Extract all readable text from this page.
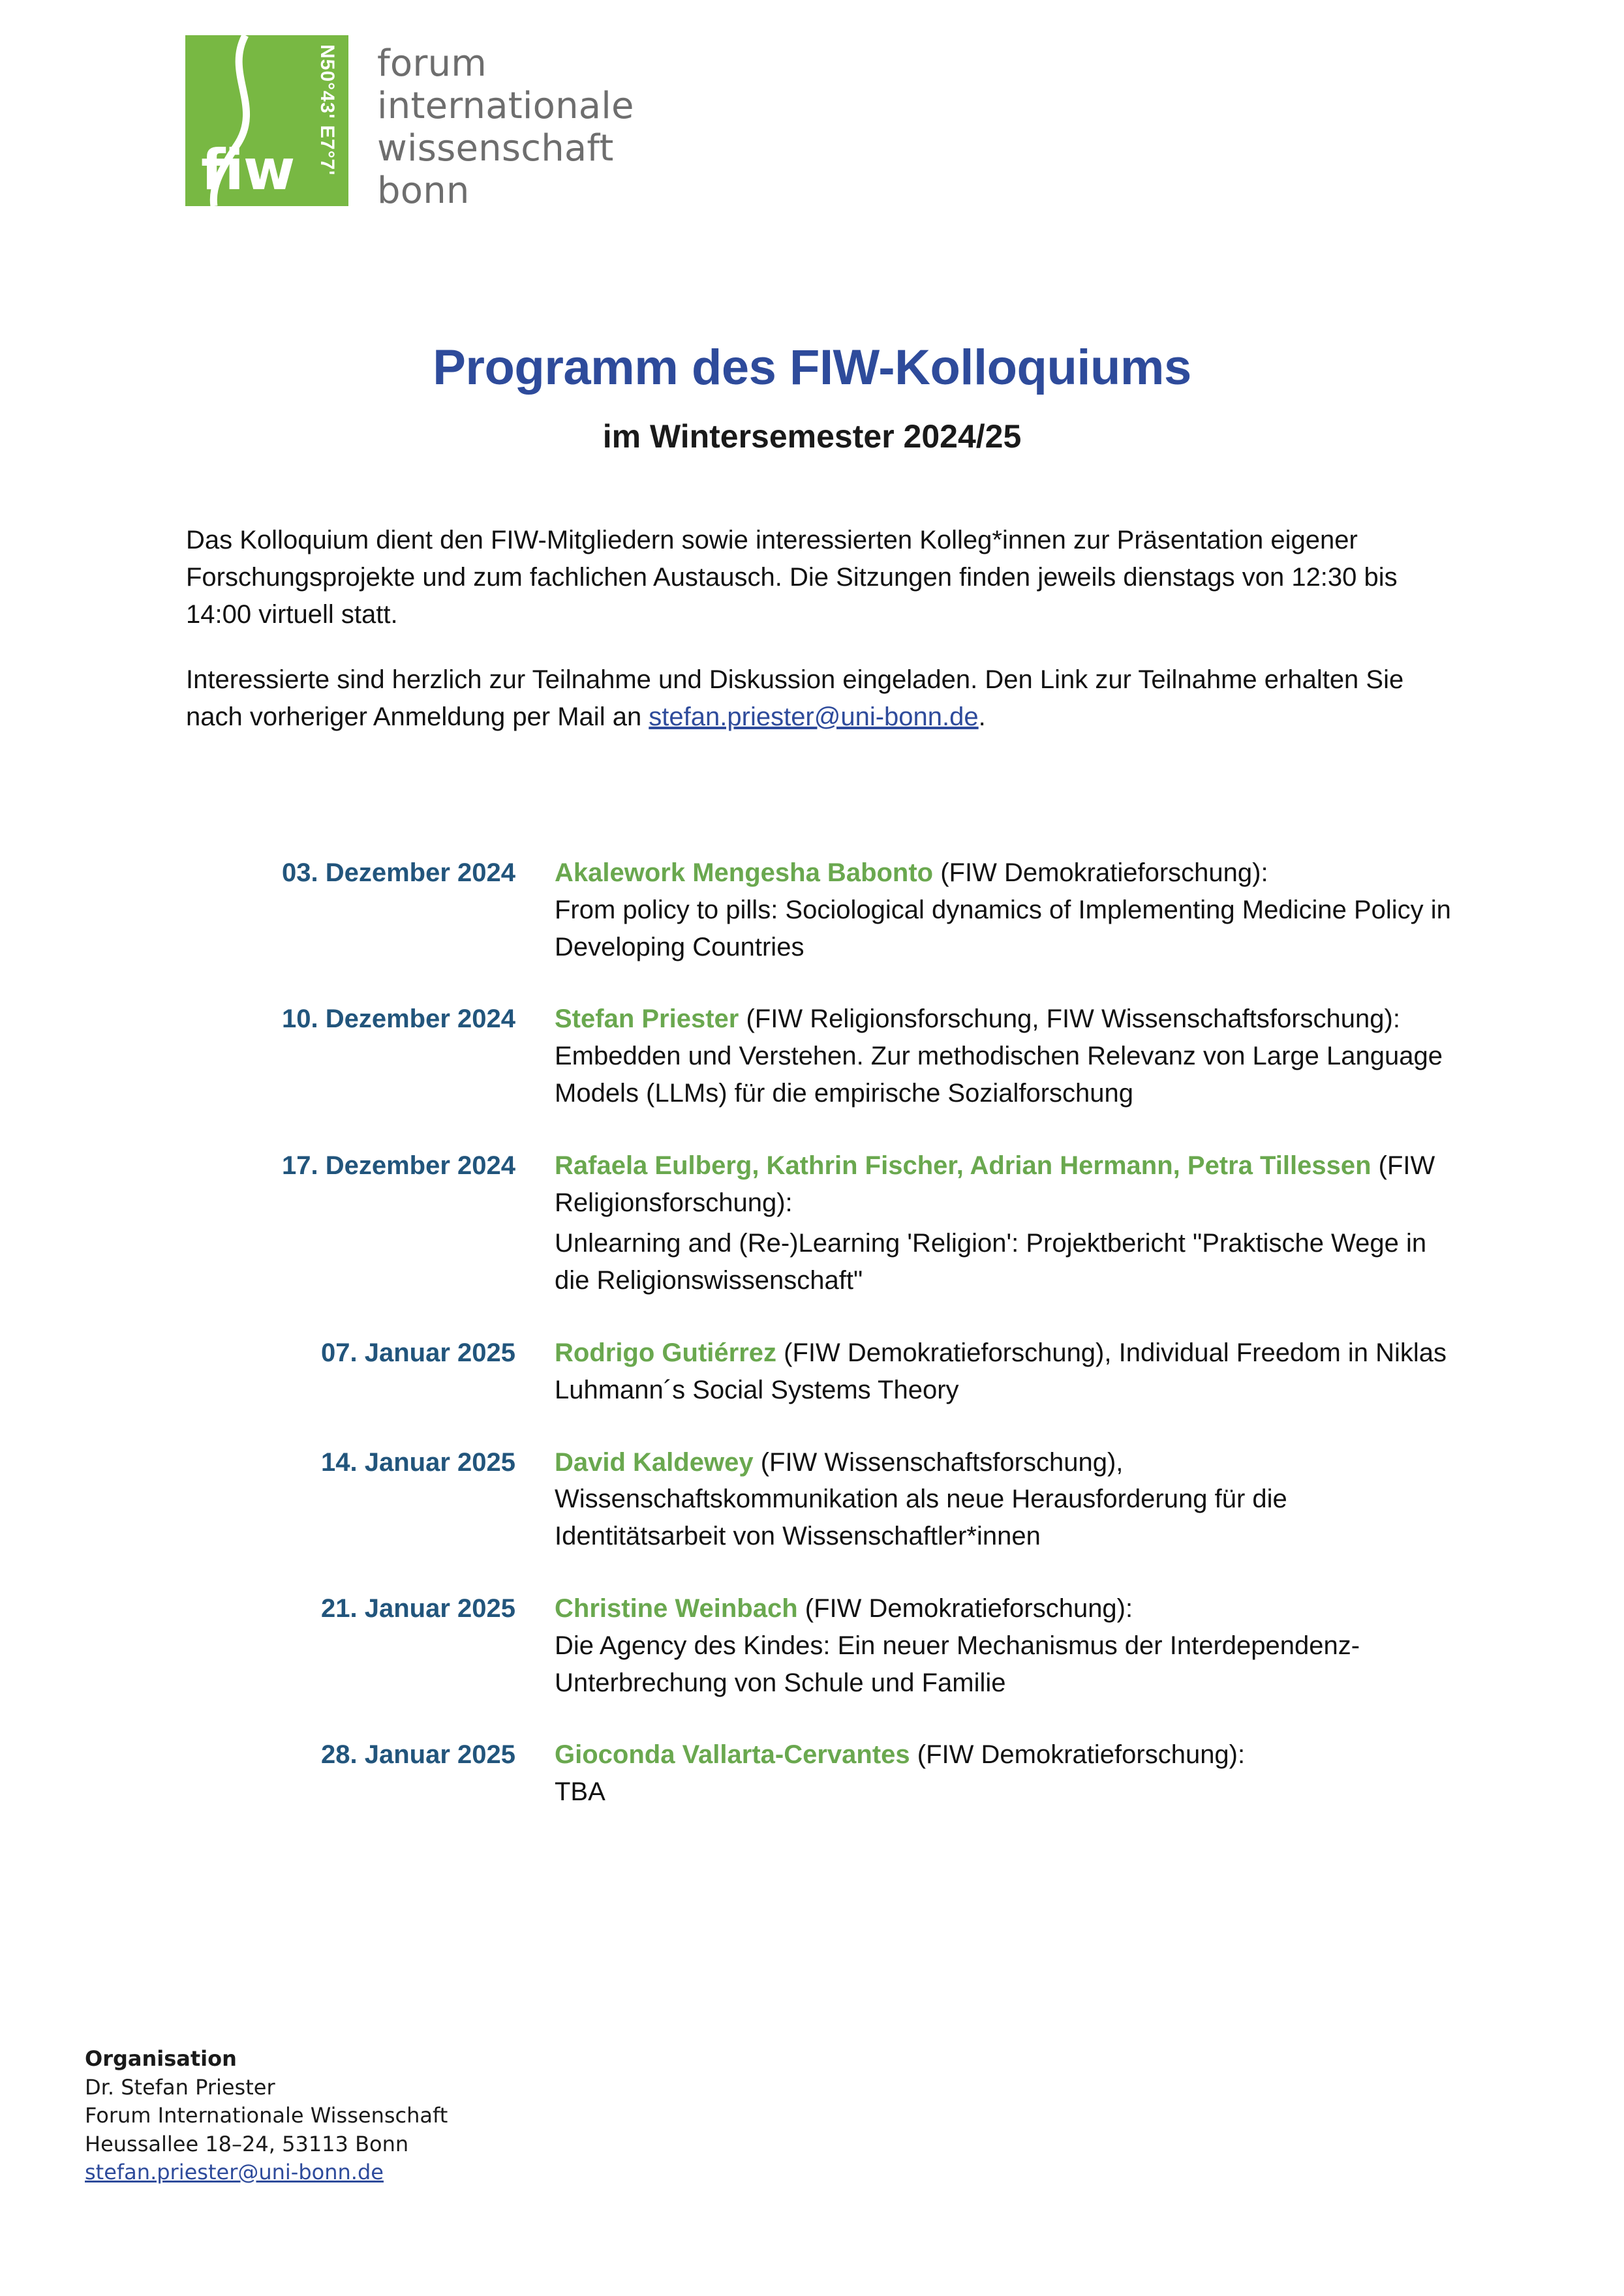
N50°43' E7°7'
fiw
forum
internationale
wissenschaft
bonn
Programm des FIW-Kolloquiums
im Wintersemester 2024/25

Das Kolloquium dient den FIW-Mitgliedern sowie interessierten Kolleg*innen zur Präsentation eigener Forschungsprojekte und zum fachlichen Austausch. Die Sitzungen finden jeweils dienstags von 12:30 bis 14:00 virtuell statt.

Interessierte sind herzlich zur Teilnahme und Diskussion eingeladen. Den Link zur Teilnahme erhalten Sie nach vorheriger Anmeldung per Mail an stefan.priester@uni-bonn.de.

03. Dezember 2024	Akalework Mengesha Babonto (FIW Demokratieforschung):
From policy to pills: Sociological dynamics of Implementing Medicine Policy in Developing Countries
10. Dezember 2024	Stefan Priester (FIW Religionsforschung, FIW Wissenschaftsforschung):
Embedden und Verstehen. Zur methodischen Relevanz von Large Language Models (LLMs) für die empirische Sozialforschung
17. Dezember 2024	Rafaela Eulberg, Kathrin Fischer, Adrian Hermann, Petra Tillessen (FIW Religionsforschung):
Unlearning and (Re-)Learning 'Religion': Projektbericht "Praktische Wege in die Religionswissenschaft"
07. Januar 2025	Rodrigo Gutiérrez (FIW Demokratieforschung), Individual Freedom in Niklas Luhmann´s Social Systems Theory
14. Januar 2025	David Kaldewey (FIW Wissenschaftsforschung), Wissenschaftskommunikation als neue Herausforderung für die Identitätsarbeit von Wissenschaftler*innen
21. Januar 2025	Christine Weinbach (FIW Demokratieforschung):
Die Agency des Kindes: Ein neuer Mechanismus der Interdependenz-Unterbrechung von Schule und Familie
28. Januar 2025	Gioconda Vallarta-Cervantes (FIW Demokratieforschung):
TBA
Organisation
Dr. Stefan Priester
Forum Internationale Wissenschaft
Heussallee 18–24, 53113 Bonn
stefan.priester@uni-bonn.de
